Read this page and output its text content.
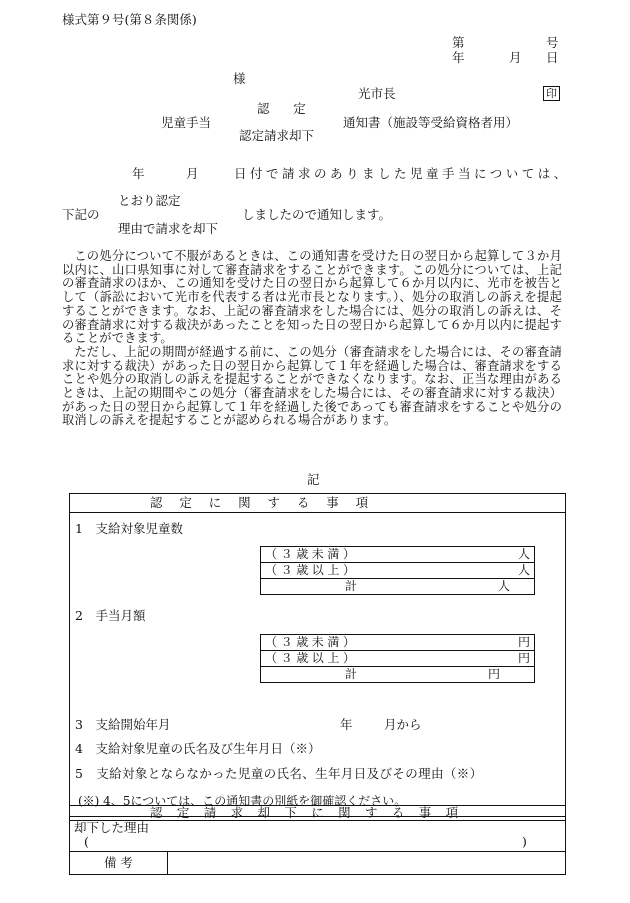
様式第９号(第８条関係)
第	号
年	月 日
様
光市長	印
認定
児童手当	通知書（施設等受給資格者用）
認定請求却下
年	月	日付で請求のありました児童手当については、
とおり認定
下記の	しましたので通知します。
理由で請求を却下

この処分について不服があるときは、この通知書を受けた日の翌日から起算して３か月以内に、山口県知事に対して審査請求をすることができます。この処分については、上記の審査請求のほか、この通知を受けた日の翌日から起算して６か月以内に、光市を被告として（訴訟において光市を代表する者は光市長となります。）、処分の取消しの訴えを提起することができます。なお、上記の審査請求をした場合には、処分の取消しの訴えは、その審査請求に対する裁決があったことを知った日の翌日から起算して６か月以内に提起することができます。

ただし、上記の期間が経過する前に、この処分（審査請求をした場合には、その審査請求に対する裁決）があった日の翌日から起算して１年を経過した場合は、審査請求をすることや処分の取消しの訴えを提起することができなくなります。なお、正当な理由があるときは、上記の期間やこの処分（審査請求をした場合には、その審査請求に対する裁決）があった日の翌日から起算して１年を経過した後であっても審査請求をすることや処分の取消しの訴えを提起することが認められる場合があります。

記
認定に関する事項
1　支給対象児童数
（３歳未満）	人

（３歳以上）	人

計	人
2　手当月額
（３歳未満）	円

（３歳以上）	円

計	円
3　支給開始年月	年	月から
4　支給対象児童の氏名及び生年月日（※）
5　支給対象とならなかった児童の氏名、生年月日及びその理由（※）
(※) 4、5については、この通知書の別紙を御確認ください。
認定請求却下に関する事項
却下した理由
(	)
備考
